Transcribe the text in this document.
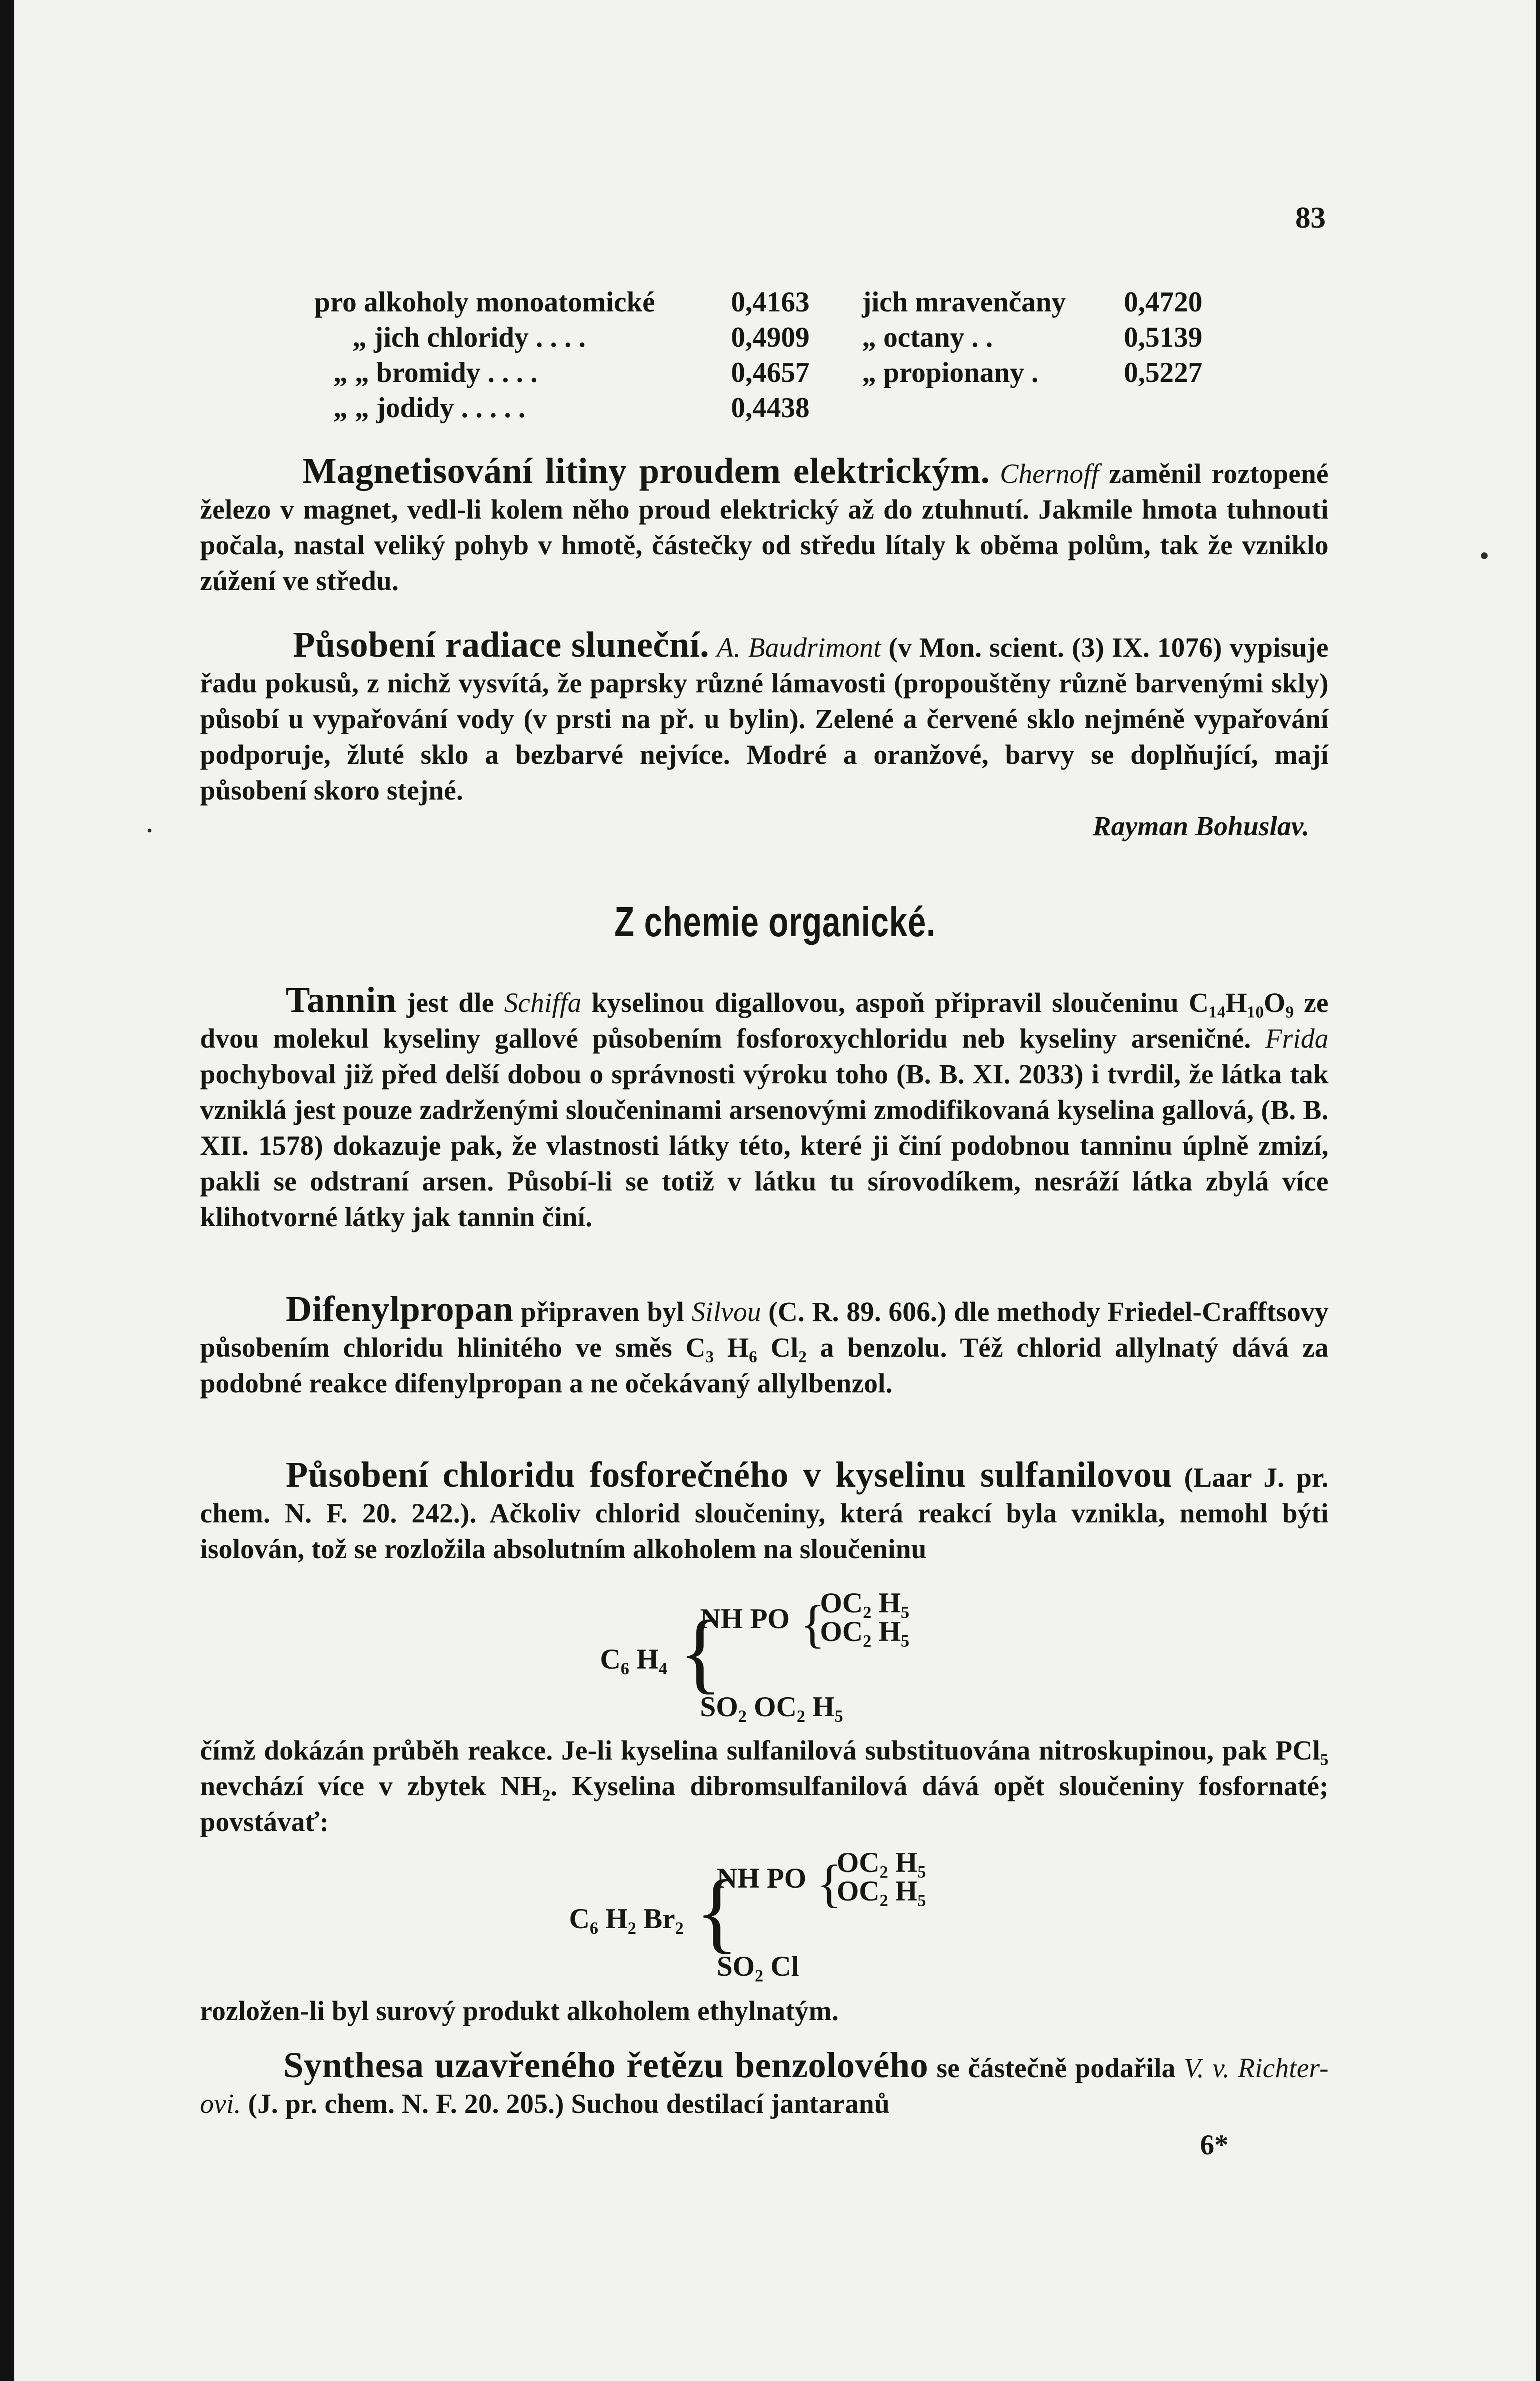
83
pro alkoholy monoatomické	0,4163 jich mravenčany 0,4720
„ jich chloridy . . . .	0,4909 „ octany . .	0,5139
„ „ bromidy . . . .	0,4657 „ propionany .	0,5227
„ „ jodidy . . . . .	0,4438

Magnetisování litiny proudem elektrickým. Chernoff zaměnil roztopené železo v magnet, vedl-li kolem něho proud elektrický až do ztuhnutí. Jakmile hmota tuhnouti počala, nastal veliký pohyb v hmotě, částečky od středu lítaly k oběma polům, tak že vzniklo zúžení ve středu.

Působení radiace sluneční. A. Baudrimont (v Mon. scient. (3) IX. 1076) vypisuje řadu pokusů, z nichž vysvítá, že paprsky různé lámavosti (propouštěny různě barvenými skly) působí u vypařování vody (v prsti na př. u bylin). Zelené a červené sklo nejméně vypařování podporuje, žluté sklo a bezbarvé nejvíce. Modré a oranžové, barvy se doplňující, mají působení skoro stejné.

Rayman Bohuslav.
Z chemie organické.

Tannin jest dle Schiffa kyselinou digallovou, aspoň připravil sloučeninu C₁₄H₁₀O₉ ze dvou molekul kyseliny gallové působením fosforoxychloridu neb kyseliny arseničné. Frida pochyboval již před delší dobou o správnosti výroku toho (B. B. XI. 2033) i tvrdil, že látka tak vzniklá jest pouze zadrženými sloučeninami arsenovými zmodifikovaná kyselina gallová, (B. B. XII. 1578) dokazuje pak, že vlastnosti látky této, které ji činí podobnou tanninu úplně zmizí, pakli se odstraní arsen. Působí-li se totiž v látku tu sírovodíkem, nesráží látka zbylá více klihotvorné látky jak tannin činí.

Difenylpropan připraven byl Silvou (C. R. 89. 606.) dle methody Friedel-Crafftsovy působením chloridu hlinitého ve směs C₃ H₆ Cl₂ a benzolu. Též chlorid allylnatý dává za podobné reakce difenylpropan a ne očekávaný allylbenzol.

Působení chloridu fosforečného v kyselinu sulfanilovou (Laar J. pr. chem. N. F. 20. 242.). Ačkoliv chlorid sloučeniny, která reakcí byla vznikla, nemohl býti isolován, tož se rozložila absolutním alkoholem na sloučeninu

C₆ H₄ {
NH PO {
OC₂ H₅
OC₂ H₅
SO₂ OC₂ H₅

čímž dokázán průběh reakce. Je-li kyselina sulfanilová substituována nitroskupinou, pak PCl₅ nevchází více v zbytek NH₂. Kyselina dibromsulfanilová dává opět sloučeniny fosfornaté; povstávať:

C₆ H₂ Br₂ {
NH PO {
OC₂ H₅
OC₂ H₅
SO₂ Cl

rozložen-li byl surový produkt alkoholem ethylnatým.

Synthesa uzavřeného řetězu benzolového se částečně podařila V. v. Richter-ovi. (J. pr. chem. N. F. 20. 205.) Suchou destilací jantaranů

6*
